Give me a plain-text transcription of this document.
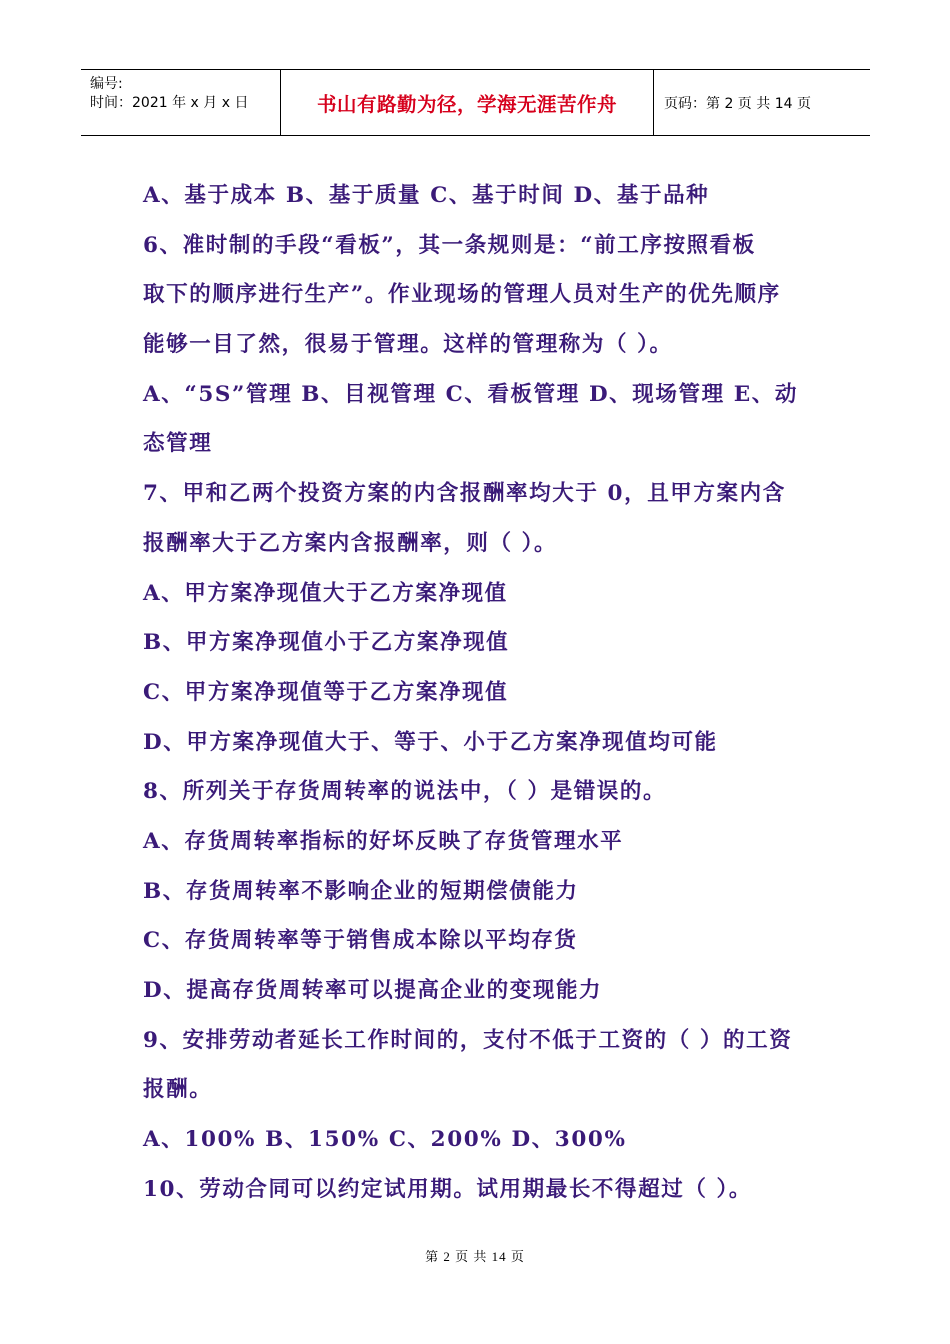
编号:
时间：2021 年 x 月 x 日	书山有路勤为径，学海无涯苦作舟	页码：第 2 页 共 14 页
A、基于成本 B、基于质量 C、基于时间 D、基于品种
6、准时制的手段“看板”，其一条规则是：“前工序按照看板
取下的顺序进行生产”。作业现场的管理人员对生产的优先顺序
能够一目了然，很易于管理。这样的管理称为（ ）。
A、“5S”管理 B、目视管理 C、看板管理 D、现场管理 E、动
态管理
7、甲和乙两个投资方案的内含报酬率均大于 0，且甲方案内含
报酬率大于乙方案内含报酬率，则（ ）。
A、甲方案净现值大于乙方案净现值
B、甲方案净现值小于乙方案净现值
C、甲方案净现值等于乙方案净现值
D、甲方案净现值大于、等于、小于乙方案净现值均可能
8、所列关于存货周转率的说法中，（ ）是错误的。
A、存货周转率指标的好坏反映了存货管理水平
B、存货周转率不影响企业的短期偿债能力
C、存货周转率等于销售成本除以平均存货
D、提高存货周转率可以提高企业的变现能力
9、安排劳动者延长工作时间的，支付不低于工资的（ ）的工资
报酬。
A、100% B、150% C、200% D、300%
10、劳动合同可以约定试用期。试用期最长不得超过（ ）。
第 2 页 共 14 页
